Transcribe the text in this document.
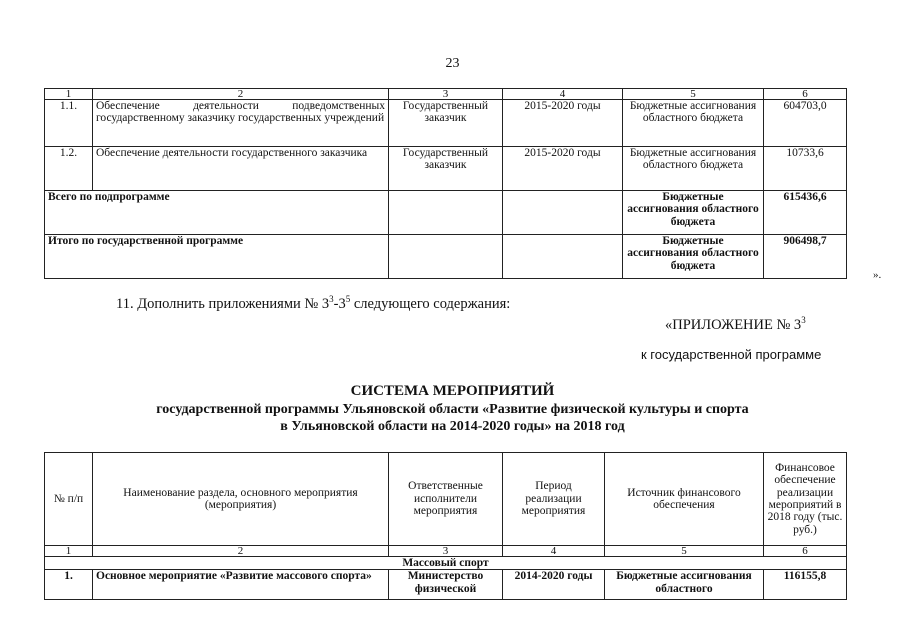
23
1	2	3	4	5	6
1.1.	Обеспечение деятельности подведомственных государственному заказчику государственных учреждений	Государственный заказчик	2015-2020 годы	Бюджетные ассигнования областного бюджета	604703,0
1.2.	Обеспечение деятельности государственного заказчика	Государственный заказчик	2015-2020 годы	Бюджетные ассигнования областного бюджета	10733,6
Всего по подпрограмме				Бюджетные ассигнования областного бюджета	615436,6
Итого по государственной программе				Бюджетные ассигнования областного бюджета	906498,7
».
11. Дополнить приложениями № $3^3-3^5$ следующего содержания:
«ПРИЛОЖЕНИЕ № $3^3$
к государственной программе
СИСТЕМА МЕРОПРИЯТИЙ
государственной программы Ульяновской области «Развитие физической культуры и спорта
в Ульяновской области на 2014-2020 годы» на 2018 год
№ п/п	Наименование раздела, основного мероприятия (мероприятия)	Ответственные исполнители мероприятия	Период реализации мероприятия	Источник финансового обеспечения	Финансовое обеспечение реализации мероприятий в 2018 году (тыс. руб.)
1	2	3	4	5	6
Массовый спорт					
1.	Основное мероприятие «Развитие массового спорта»	Министерство физической	2014-2020 годы	Бюджетные ассигнования областного	116155,8
